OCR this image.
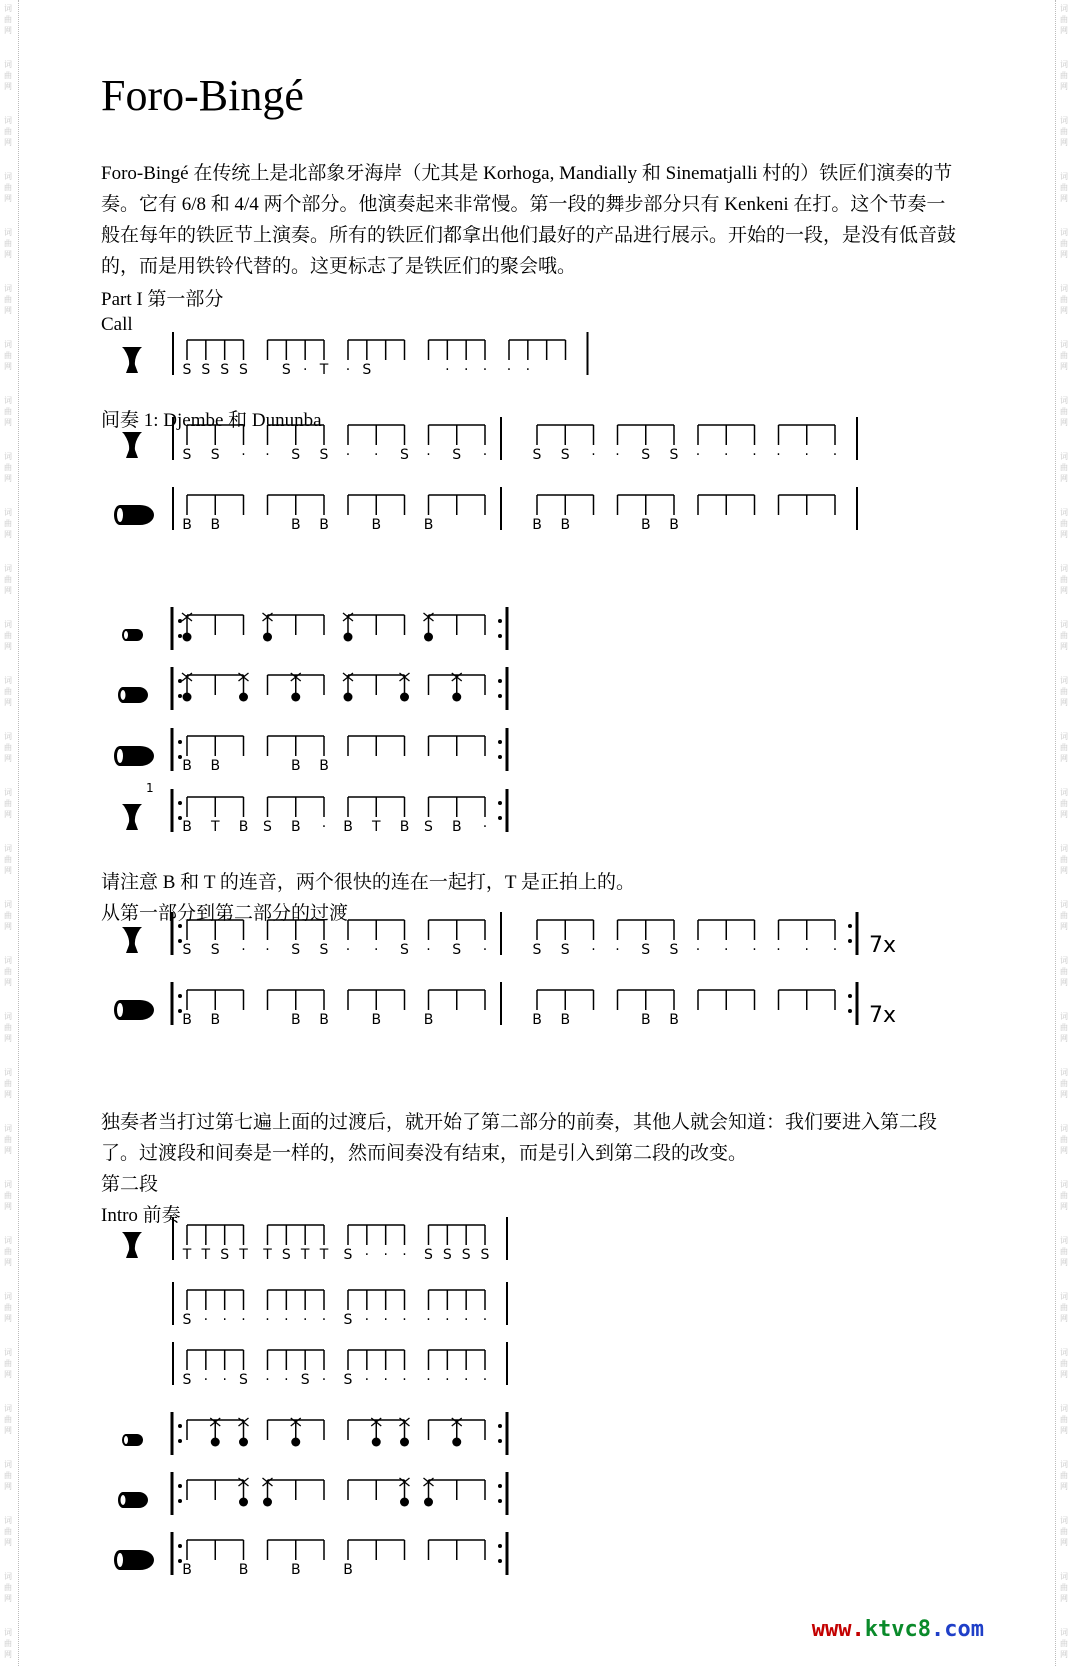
词
曲
网
词
曲
网
词
曲
网
词
曲
网
词
曲
网
词
曲
网
词
曲
网
词
曲
网
词
曲
网
词
曲
网
词
曲
网
词
曲
网
词
曲
网
词
曲
网
词
曲
网
词
曲
网
词
曲
网
词
曲
网
词
曲
网
词
曲
网
词
曲
网
词
曲
网
词
曲
网
词
曲
网
词
曲
网
词
曲
网
词
曲
网
词
曲
网
词
曲
网
词
曲
网
词
曲
网
词
曲
网
词
曲
网
词
曲
网
词
曲
网
词
曲
网
词
曲
网
词
曲
网
词
曲
网
词
曲
网
词
曲
网
词
曲
网
词
曲
网
词
曲
网
词
曲
网
词
曲
网
词
曲
网
词
曲
网
词
曲
网
词
曲
网
词
曲
网
词
曲
网
词
曲
网
词
曲
网
词
曲
网
词
曲
网
词
曲
网
词
曲
网
词
曲
网
词
曲
网
Foro-Bingé
Foro-Bingé 在传统上是北部象牙海岸（尤其是 Korhoga, Mandially 和 Sinematjalli 村的）铁匠们演奏的节奏。它有 6/8 和 4/4 两个部分。他演奏起来非常慢。第一段的舞步部分只有 Kenkeni 在打。这个节奏一般在每年的铁匠节上演奏。所有的铁匠们都拿出他们最好的产品进行展示。开始的一段，是没有低音鼓的，而是用铁铃代替的。这更标志了是铁匠们的聚会哦。
Part I 第一部分
Call
间奏 1: Djembe 和 Dununba
请注意 B 和 T 的连音，两个很快的连在一起打，T 是正拍上的。
从第一部分到第二部分的过渡
独奏者当打过第七遍上面的过渡后，就开始了第二部分的前奏，其他人就会知道：我们要进入第二段了。过渡段和间奏是一样的，然而间奏没有结束，而是引入到第二段的改变。
第二段
Intro 前奏
S S S S S · T · S	· · · · ·
S S · · S S · · S · S ·	S S · · S S · · · · · ·
B B	B B	B	B	B B	B B
B B	B B
B T B S B · B T B S B ·
1
S S · · S S · · S · S ·	S S · · S S · · · · · · 7x
B B	B B	B	B	B B	B B	7x
T T S T T S T T S · · · S S S S
S · · · · · · · S · · · · · · ·
S · · S · · S · S · · · · · · ·
B	B	B	B
www.ktvc8.com
